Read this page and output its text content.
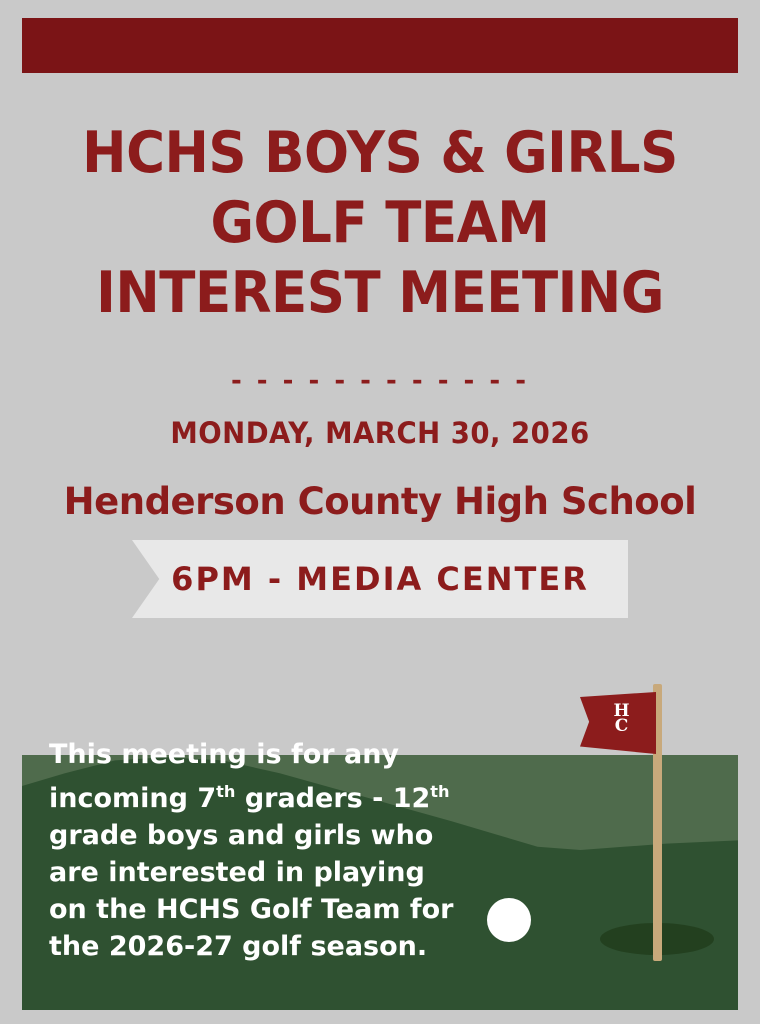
HCHS BOYS & GIRLS
GOLF TEAM
INTEREST MEETING
- - - - - - - - - - - -
MONDAY, MARCH 30, 2026
Henderson County High School
6PM - MEDIA CENTER
H
C
This meeting is for any incoming 7th graders - 12th grade boys and girls who are interested in playing on the HCHS Golf Team for the 2026-27 golf season.
